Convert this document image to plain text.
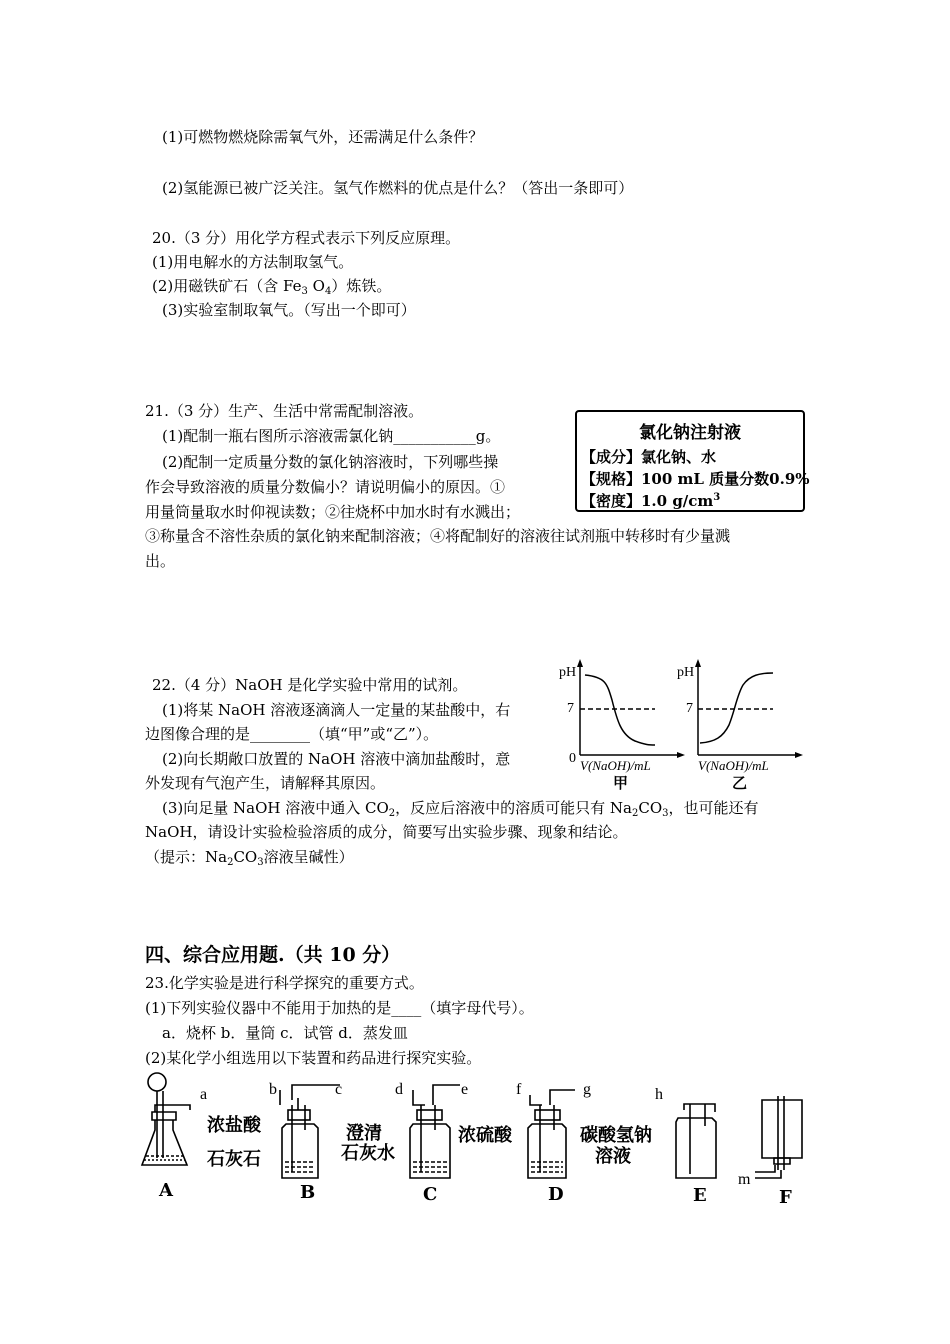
(1)可燃物燃烧除需氧气外，还需满足什么条件？
(2)氢能源已被广泛关注。氢气作燃料的优点是什么？（答出一条即可）
20.（3 分）用化学方程式表示下列反应原理。
(1)用电解水的方法制取氢气。
(2)用磁铁矿石（含 $Fe_3$ $O_4$）炼铁。
(3)实验室制取氧气。（写出一个即可）
21.（3 分）生产、生活中常需配制溶液。
(1)配制一瓶右图所示溶液需氯化钠___________g。
(2)配制一定质量分数的氯化钠溶液时，下列哪些操
作会导致溶液的质量分数偏小？请说明偏小的原因。①
用量筒量取水时仰视读数；②往烧杯中加水时有水溅出；
③称量含不溶性杂质的氯化钠来配制溶液；④将配制好的溶液往试剂瓶中转移时有少量溅
出。
氯化钠注射液
【成分】氯化钠、水
【规格】100 mL 质量分数0.9%
【密度】1.0 $g/cm^3$
22.（4 分）NaOH 是化学实验中常用的试剂。
(1)将某 NaOH 溶液逐滴滴人一定量的某盐酸中，右
边图像合理的是________（填“甲”或“乙”）。
(2)向长期敞口放置的 NaOH 溶液中滴加盐酸时，意
外发现有气泡产生，请解释其原因。
(3)向足量 NaOH 溶液中通入 $CO_2$，反应后溶液中的溶质可能只有 $Na_2CO_3$，也可能还有
NaOH，请设计实验检验溶质的成分，简要写出实验步骤、现象和结论。
（提示：$Na_2CO_3$溶液呈碱性）
pH
7
0 V(NaOH)/mL
甲
pH
7
V(NaOH)/mL
乙
四、综合应用题.（共 10 分）
23.化学实验是进行科学探究的重要方式。
(1)下列实验仪器中不能用于加热的是____（填字母代号）。
a．烧杯 b．量筒 c．试管 d．蒸发皿
(2)某化学小组选用以下装置和药品进行探究实验。
a	b	c	d	e	f	g	h
m
浓盐酸
石灰石
澄清
石灰水
浓硫酸	碳酸氢钠
溶液
A	B	C	D	E	F
